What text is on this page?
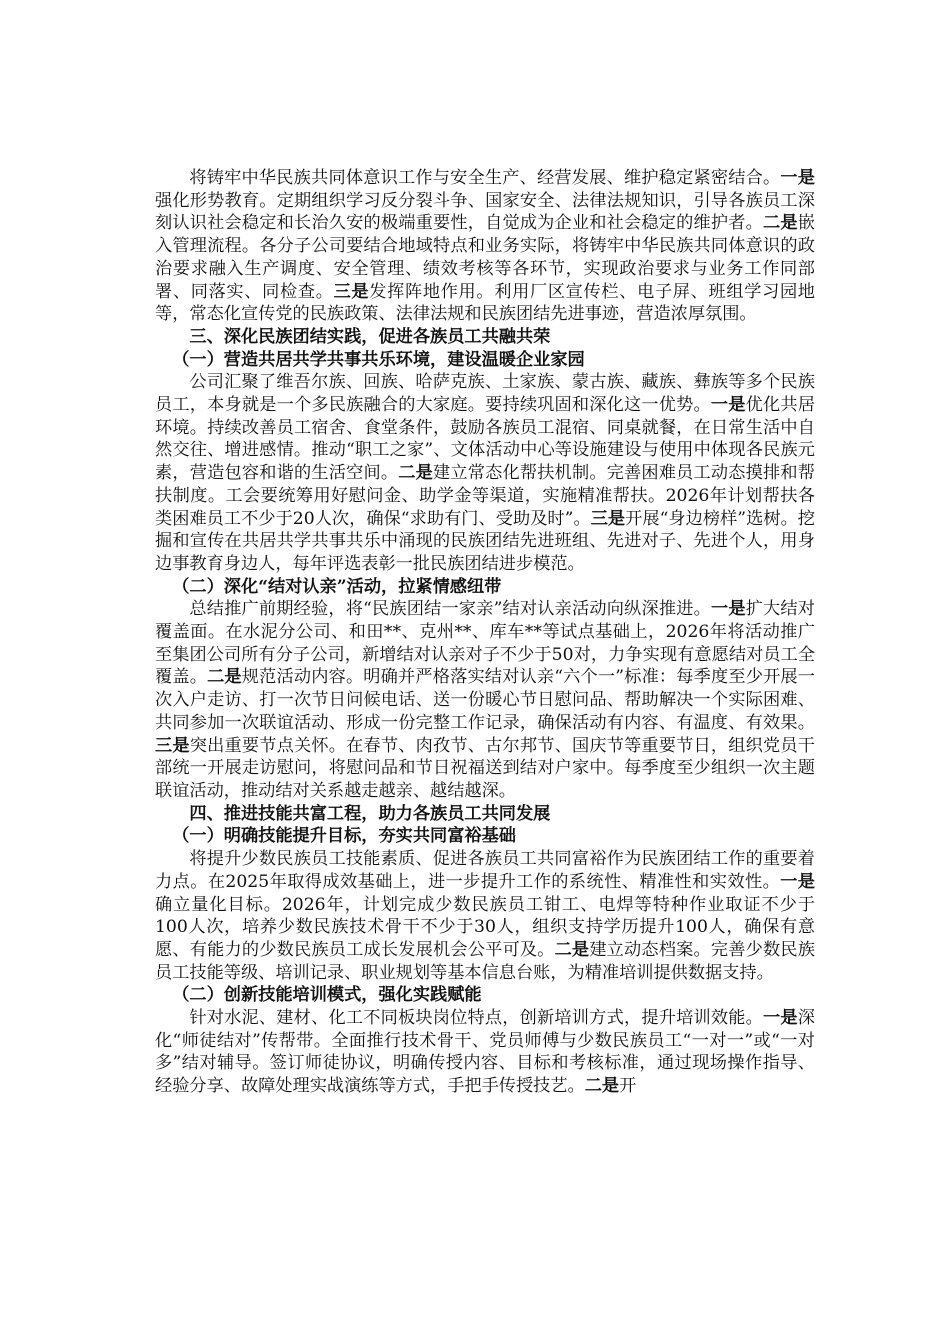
将铸牢中华民族共同体意识工作与安全生产、经营发展、维护稳定紧密结合。一是强化形势教育。定期组织学习反分裂斗争、国家安全、法律法规知识，引导各族员工深刻认识社会稳定和长治久安的极端重要性，自觉成为企业和社会稳定的维护者。二是嵌入管理流程。各分子公司要结合地域特点和业务实际，将铸牢中华民族共同体意识的政治要求融入生产调度、安全管理、绩效考核等各环节，实现政治要求与业务工作同部署、同落实、同检查。三是发挥阵地作用。利用厂区宣传栏、电子屏、班组学习园地等，常态化宣传党的民族政策、法律法规和民族团结先进事迹，营造浓厚氛围。

三、深化民族团结实践，促进各族员工共融共荣

（一）营造共居共学共事共乐环境，建设温暖企业家园

公司汇聚了维吾尔族、回族、哈萨克族、土家族、蒙古族、藏族、彝族等多个民族员工，本身就是一个多民族融合的大家庭。要持续巩固和深化这一优势。一是优化共居环境。持续改善员工宿舍、食堂条件，鼓励各族员工混宿、同桌就餐，在日常生活中自然交往、增进感情。推动“职工之家”、文体活动中心等设施建设与使用中体现各民族元素，营造包容和谐的生活空间。二是建立常态化帮扶机制。完善困难员工动态摸排和帮扶制度。工会要统筹用好慰问金、助学金等渠道，实施精准帮扶。2026年计划帮扶各类困难员工不少于20人次，确保“求助有门、受助及时”。三是开展“身边榜样”选树。挖掘和宣传在共居共学共事共乐中涌现的民族团结先进班组、先进对子、先进个人，用身边事教育身边人，每年评选表彰一批民族团结进步模范。

（二）深化“结对认亲”活动，拉紧情感纽带

总结推广前期经验，将“民族团结一家亲”结对认亲活动向纵深推进。一是扩大结对覆盖面。在水泥分公司、和田**、克州**、库车**等试点基础上，2026年将活动推广至集团公司所有分子公司，新增结对认亲对子不少于50对，力争实现有意愿结对员工全覆盖。二是规范活动内容。明确并严格落实结对认亲“六个一”标准：每季度至少开展一次入户走访、打一次节日问候电话、送一份暖心节日慰问品、帮助解决一个实际困难、共同参加一次联谊活动、形成一份完整工作记录，确保活动有内容、有温度、有效果。三是突出重要节点关怀。在春节、肉孜节、古尔邦节、国庆节等重要节日，组织党员干部统一开展走访慰问，将慰问品和节日祝福送到结对户家中。每季度至少组织一次主题联谊活动，推动结对关系越走越亲、越结越深。

四、推进技能共富工程，助力各族员工共同发展

（一）明确技能提升目标，夯实共同富裕基础

将提升少数民族员工技能素质、促进各族员工共同富裕作为民族团结工作的重要着力点。在2025年取得成效基础上，进一步提升工作的系统性、精准性和实效性。一是确立量化目标。2026年，计划完成少数民族员工钳工、电焊等特种作业取证不少于100人次，培养少数民族技术骨干不少于30人，组织支持学历提升100人，确保有意愿、有能力的少数民族员工成长发展机会公平可及。二是建立动态档案。完善少数民族员工技能等级、培训记录、职业规划等基本信息台账，为精准培训提供数据支持。

（二）创新技能培训模式，强化实践赋能

针对水泥、建材、化工不同板块岗位特点，创新培训方式，提升培训效能。一是深化“师徒结对”传帮带。全面推行技术骨干、党员师傅与少数民族员工“一对一”或“一对多”结对辅导。签订师徒协议，明确传授内容、目标和考核标准，通过现场操作指导、经验分享、故障处理实战演练等方式，手把手传授技艺。二是开
